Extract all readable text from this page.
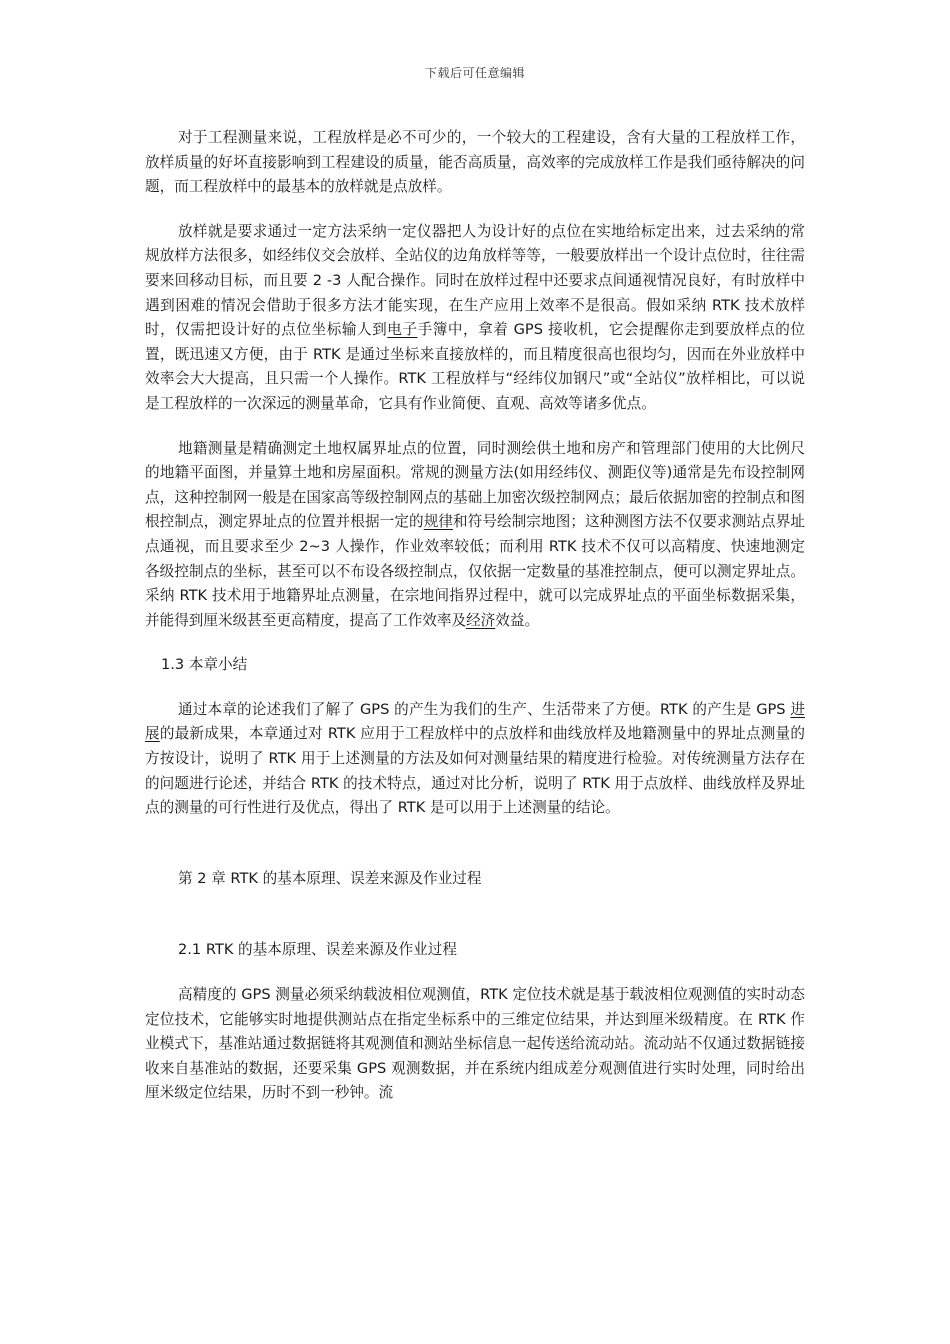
下载后可任意编辑

对于工程测量来说，工程放样是必不可少的，一个较大的工程建设，含有大量的工程放样工作，放样质量的好坏直接影响到工程建设的质量，能否高质量，高效率的完成放样工作是我们亟待解决的问题，而工程放样中的最基本的放样就是点放样。

放样就是要求通过一定方法采纳一定仪器把人为设计好的点位在实地给标定出来，过去采纳的常规放样方法很多，如经纬仪交会放样、全站仪的边角放样等等，一般要放样出一个设计点位时，往往需要来回移动目标，而且要 2 -3 人配合操作。同时在放样过程中还要求点间通视情况良好，有时放样中遇到困难的情况会借助于很多方法才能实现，在生产应用上效率不是很高。假如采纳 RTK 技术放样时，仅需把设计好的点位坐标输人到电子手簿中，拿着 GPS 接收机，它会提醒你走到要放样点的位置，既迅速又方便，由于 RTK 是通过坐标来直接放样的，而且精度很高也很均匀，因而在外业放样中效率会大大提高，且只需一个人操作。RTK 工程放样与“经纬仪加钢尺”或“全站仪”放样相比，可以说是工程放样的一次深远的测量革命，它具有作业简便、直观、高效等诸多优点。

地籍测量是精确测定土地权属界址点的位置，同时测绘供土地和房产和管理部门使用的大比例尺的地籍平面图，并量算土地和房屋面积。常规的测量方法(如用经纬仪、测距仪等)通常是先布设控制网点，这种控制网一般是在国家高等级控制网点的基础上加密次级控制网点；最后依据加密的控制点和图根控制点，测定界址点的位置并根据一定的规律和符号绘制宗地图；这种测图方法不仅要求测站点界址点通视，而且要求至少 2~3 人操作，作业效率较低；而利用 RTK 技术不仅可以高精度、快速地测定各级控制点的坐标，甚至可以不布设各级控制点，仅依据一定数量的基准控制点，便可以测定界址点。采纳 RTK 技术用于地籍界址点测量，在宗地间指界过程中，就可以完成界址点的平面坐标数据采集，并能得到厘米级甚至更高精度，提高了工作效率及经济效益。

1.3 本章小结

通过本章的论述我们了解了 GPS 的产生为我们的生产、生活带来了方便。RTK 的产生是 GPS 进展的最新成果，本章通过对 RTK 应用于工程放样中的点放样和曲线放样及地籍测量中的界址点测量的方按设计，说明了 RTK 用于上述测量的方法及如何对测量结果的精度进行检验。对传统测量方法存在的问题进行论述，并结合 RTK 的技术特点，通过对比分析，说明了 RTK 用于点放样、曲线放样及界址点的测量的可行性进行及优点，得出了 RTK 是可以用于上述测量的结论。

第 2 章 RTK 的基本原理、误差来源及作业过程
2.1 RTK 的基本原理、误差来源及作业过程

高精度的 GPS 测量必须采纳载波相位观测值，RTK 定位技术就是基于载波相位观测值的实时动态定位技术，它能够实时地提供测站点在指定坐标系中的三维定位结果，并达到厘米级精度。在 RTK 作业模式下，基准站通过数据链将其观测值和测站坐标信息一起传送给流动站。流动站不仅通过数据链接收来自基准站的数据，还要采集 GPS 观测数据，并在系统内组成差分观测值进行实时处理，同时给出厘米级定位结果，历时不到一秒钟。流
